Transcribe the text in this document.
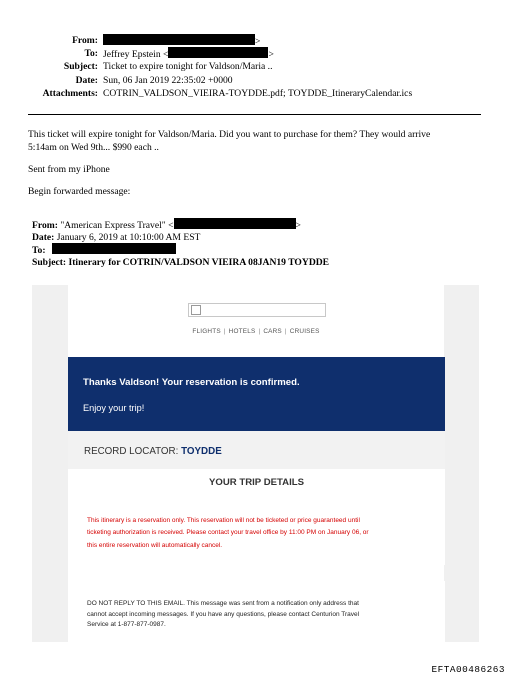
From:	>
To: Jeffrey Epstein <	>
Subject: Ticket to expire tonight for Valdson/Maria ..
Date: Sun, 06 Jan 2019 22:35:02 +0000
Attachments: COTRIN_VALDSON_VIEIRA-TOYDDE.pdf; TOYDDE_ItineraryCalendar.ics
This ticket will expire tonight for Valdson/Maria. Did you want to purchase for them? They would arrive
5:14am on Wed 9th... $990 each ..
Sent from my iPhone
Begin forwarded message:
From: "American Express Travel" <	>
Date: January 6, 2019 at 10:10:00 AM EST
To:
Subject: Itinerary for COTRIN/VALDSON VIEIRA 08JAN19 TOYDDE
FLIGHTS | HOTELS | CARS | CRUISES
Thanks Valdson! Your reservation is confirmed.
Enjoy your trip!
RECORD LOCATOR: TOYDDE
YOUR TRIP DETAILS

This itinerary is a reservation only. This reservation will not be ticketed or price guaranteed until
ticketing authorization is received. Please contact your travel office by 11:00 PM on January 06, or
this entire reservation will automatically cancel.

DO NOT REPLY TO THIS EMAIL. This message was sent from a notification only address that
cannot accept incoming messages. If you have any questions, please contact Centurion Travel
Service at 1-877-877-0987.

EFTA00486263
